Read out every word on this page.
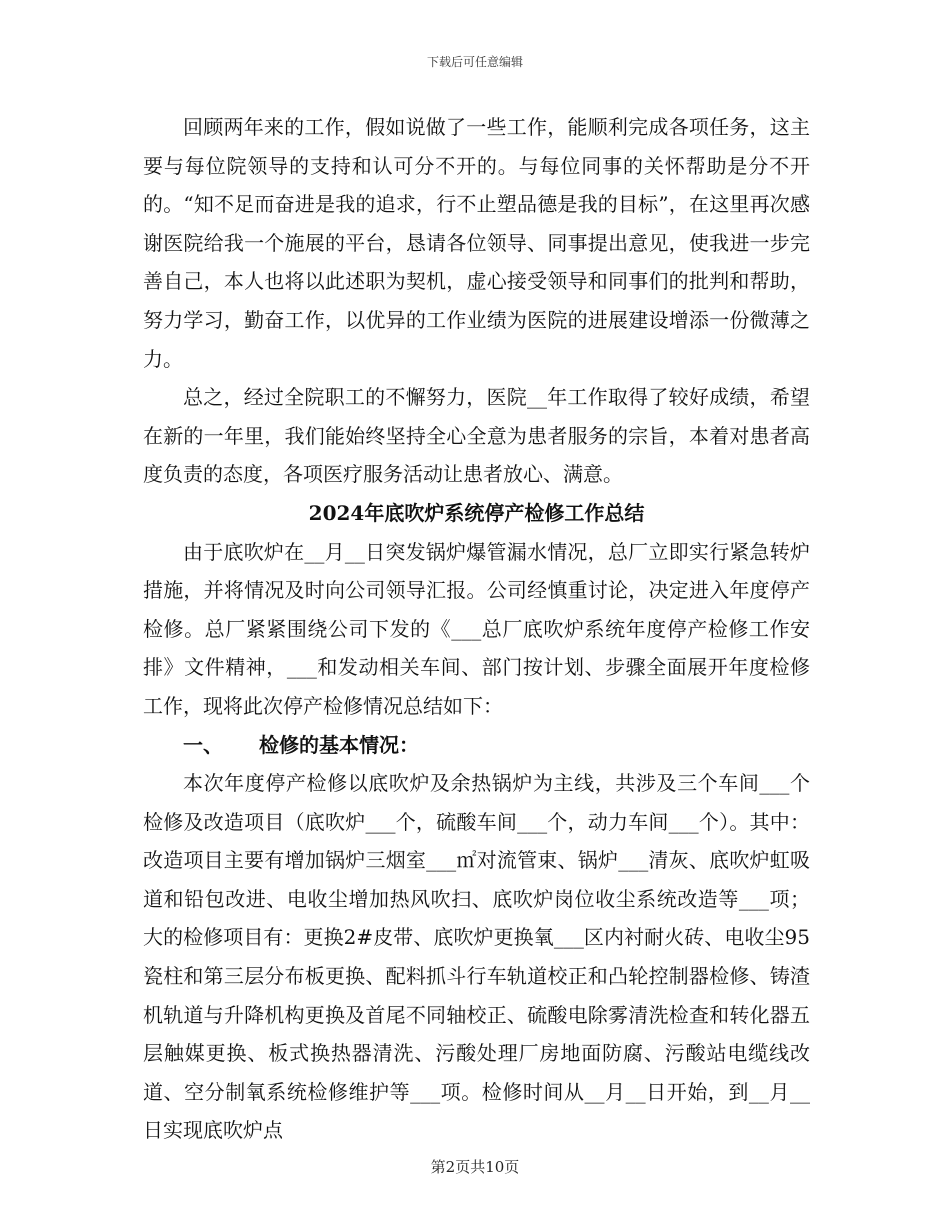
下载后可任意编辑

回顾两年来的工作，假如说做了一些工作，能顺利完成各项任务，这主要与每位院领导的支持和认可分不开的。与每位同事的关怀帮助是分不开的。“知不足而奋进是我的追求，行不止塑品德是我的目标”，在这里再次感谢医院给我一个施展的平台，恳请各位领导、同事提出意见，使我进一步完善自己，本人也将以此述职为契机，虚心接受领导和同事们的批判和帮助，努力学习，勤奋工作，以优异的工作业绩为医院的进展建设增添一份微薄之力。

总之，经过全院职工的不懈努力，医院__年工作取得了较好成绩，希望在新的一年里，我们能始终坚持全心全意为患者服务的宗旨，本着对患者高度负责的态度，各项医疗服务活动让患者放心、满意。

2024年底吹炉系统停产检修工作总结

由于底吹炉在__月__日突发锅炉爆管漏水情况，总厂立即实行紧急转炉措施，并将情况及时向公司领导汇报。公司经慎重讨论，决定进入年度停产检修。总厂紧紧围绕公司下发的《___总厂底吹炉系统年度停产检修工作安排》文件精神，___和发动相关车间、部门按计划、步骤全面展开年度检修工作，现将此次停产检修情况总结如下：

一、 检修的基本情况：

本次年度停产检修以底吹炉及余热锅炉为主线，共涉及三个车间___个检修及改造项目（底吹炉___个，硫酸车间___个，动力车间___个）。其中：改造项目主要有增加锅炉三烟室___㎡对流管束、锅炉___清灰、底吹炉虹吸道和铅包改进、电收尘增加热风吹扫、底吹炉岗位收尘系统改造等___项；大的检修项目有：更换2#皮带、底吹炉更换氧___区内衬耐火砖、电收尘95瓷柱和第三层分布板更换、配料抓斗行车轨道校正和凸轮控制器检修、铸渣机轨道与升降机构更换及首尾不同轴校正、硫酸电除雾清洗检查和转化器五层触媒更换、板式换热器清洗、污酸处理厂房地面防腐、污酸站电缆线改道、空分制氧系统检修维护等___项。检修时间从__月__日开始，到__月__日实现底吹炉点

第2页共10页
